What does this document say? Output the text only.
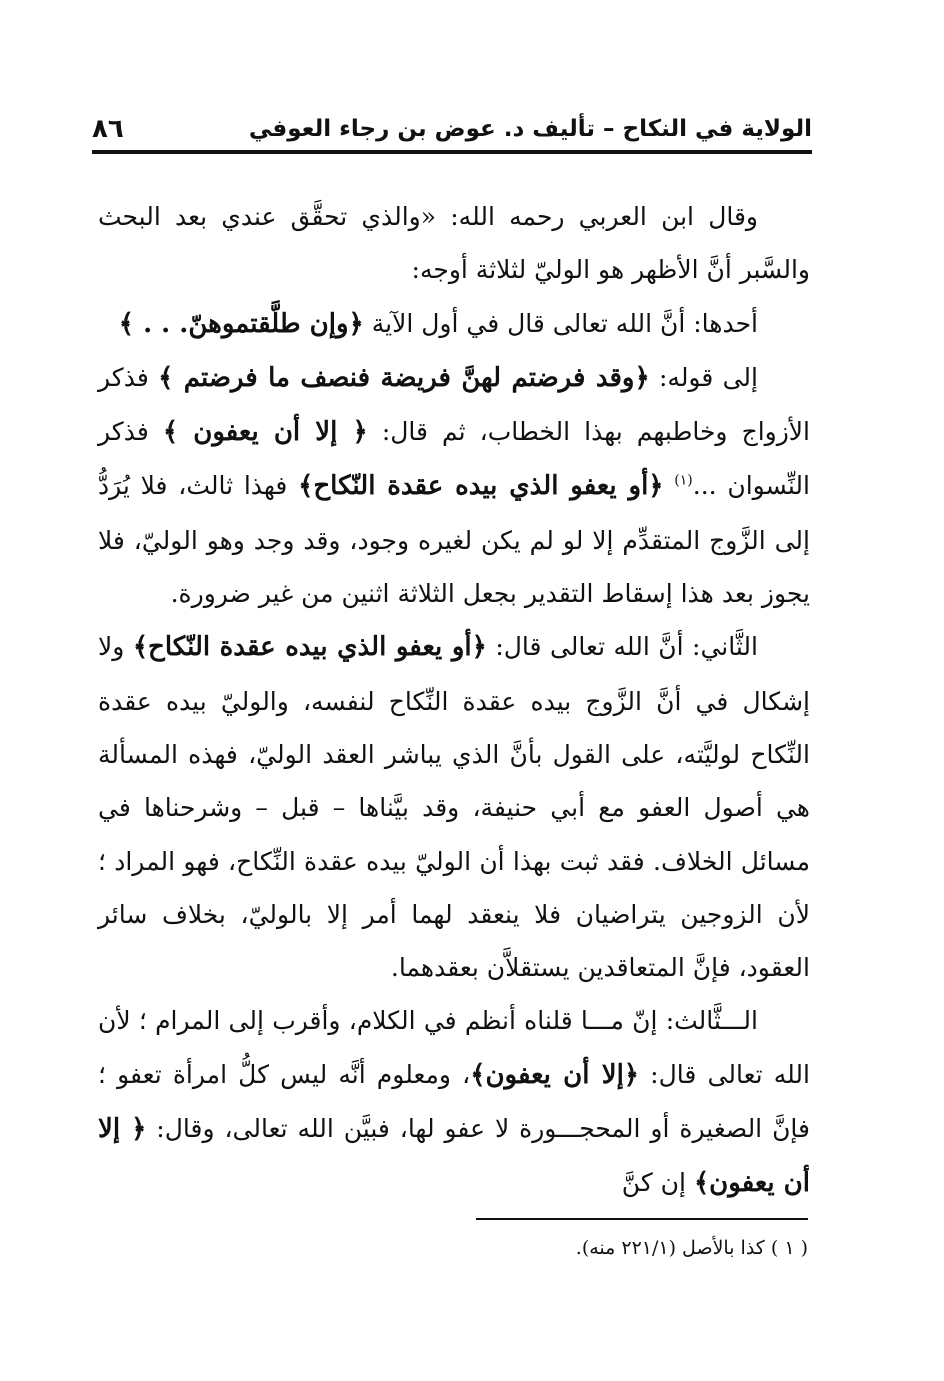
الولاية في النكاح – تأليف د. عوض بن رجاء العوفي
٨٦

وقال ابن العربي رحمه الله: «والذي تحقَّق عندي بعد البحث والسَّبر أنَّ الأظهر هو الوليّ لثلاثة أوجه:

أحدها: أنَّ الله تعالى قال في أول الآية ﴿وإن طلَّقتموهنّ. . . ﴾

إلى قوله: ﴿وقد فرضتم لهنَّ فريضة فنصف ما فرضتم ﴾ فذكر الأزواج وخاطبهم بهذا الخطاب، ثم قال: ﴿ إلا أن يعفون ﴾ فذكر النِّسوان ...$^{(١)}$ ﴿أو يعفو الذي بيده عقدة النّكاح﴾ فهذا ثالث، فلا يُرَدُّ إلى الزَّوج المتقدِّم إلا لو لم يكن لغيره وجود، وقد وجد وهو الوليّ، فلا يجوز بعد هذا إسقاط التقدير بجعل الثلاثة اثنين من غير ضرورة.

الثَّاني: أنَّ الله تعالى قال: ﴿أو يعفو الذي بيده عقدة النّكاح﴾ ولا إشكال في أنَّ الزَّوج بيده عقدة النِّكاح لنفسه، والوليّ بيده عقدة النِّكاح لوليَّته، على القول بأنَّ الذي يباشر العقد الوليّ، فهذه المسألة هي أصول العفو مع أبي حنيفة، وقد بيَّناها – قبل – وشرحناها في مسائل الخلاف. فقد ثبت بهذا أن الوليّ بيده عقدة النِّكاح، فهو المراد ؛ لأن الزوجين يتراضيان فلا ينعقد لهما أمر إلا بالوليّ، بخلاف سائر العقود، فإنَّ المتعاقدين يستقلاَّن بعقدهما.

الـــثَّالث: إنّ مـــا قلناه أنظم في الكلام، وأقرب إلى المرام ؛ لأن الله تعالى قال: ﴿إلا أن يعفون﴾، ومعلوم أنَّه ليس كلُّ امرأة تعفو ؛ فإنَّ الصغيرة أو المحجـــورة لا عفو لها، فبيَّن الله تعالى، وقال: ﴿ إلا أن يعفون﴾ إن كنَّ

( ١ ) كذا بالأصل (٢٢١/١ منه).
